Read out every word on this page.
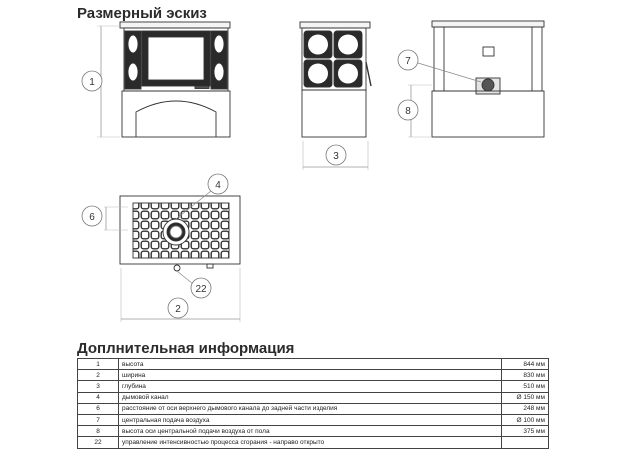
Размерный эскиз
1
3
8
7
22
6
4
2
Доплнительная информация
1	высота	844 мм
2	ширина	830 мм
3	глубина	510 мм
4	дымовой канал	Ø 150 мм
6	расстояние от оси верхнего дымового канала до задней части изделия	248 мм
7	центральная подача воздуха	Ø 100 мм
8	высота оси центральной подачи воздуха от пола	375 мм
22	управление интенсивностью процесса сгорания - направо открыто	
